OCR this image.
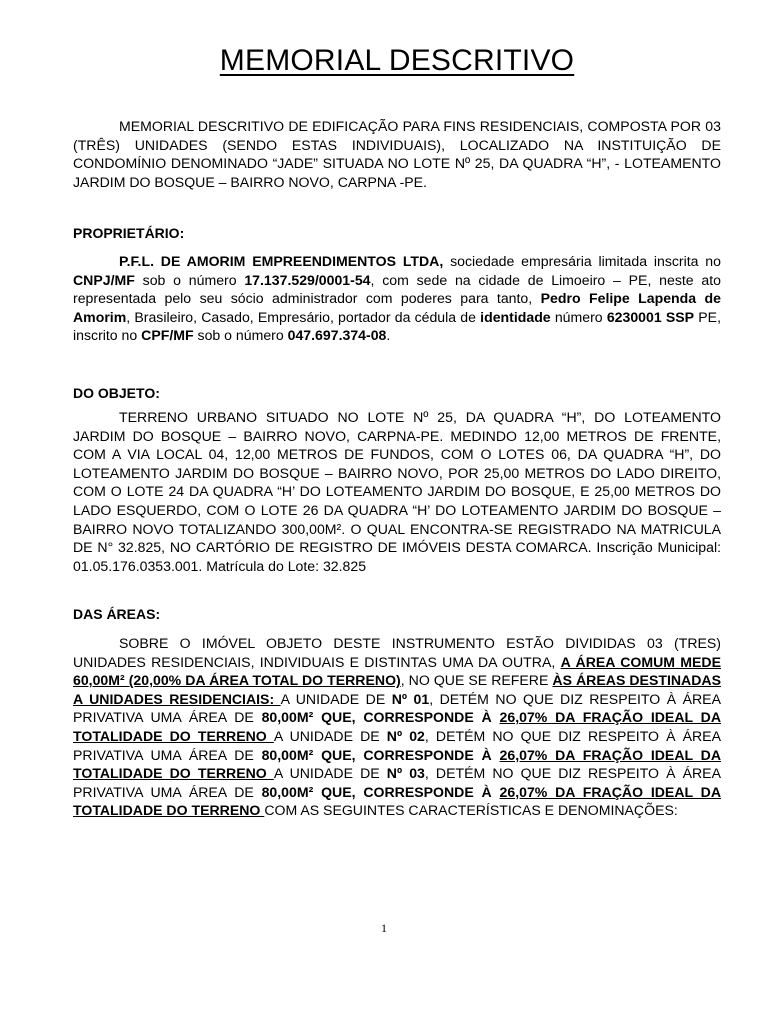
MEMORIAL DESCRITIVO
MEMORIAL DESCRITIVO DE EDIFICAÇÃO PARA FINS RESIDENCIAIS, COMPOSTA POR 03 (TRÊS) UNIDADES (SENDO ESTAS INDIVIDUAIS), LOCALIZADO NA INSTITUIÇÃO DE CONDOMÍNIO DENOMINADO “JADE” SITUADA NO LOTE Nº 25, DA QUADRA “H”, - LOTEAMENTO JARDIM DO BOSQUE – BAIRRO NOVO, CARPNA -PE.
PROPRIETÁRIO:
P.F.L. DE AMORIM EMPREENDIMENTOS LTDA, sociedade empresária limitada inscrita no CNPJ/MF sob o número 17.137.529/0001-54, com sede na cidade de Limoeiro – PE, neste ato representada pelo seu sócio administrador com poderes para tanto, Pedro Felipe Lapenda de Amorim, Brasileiro, Casado, Empresário, portador da cédula de identidade número 6230001 SSP PE, inscrito no CPF/MF sob o número 047.697.374-08.
DO OBJETO:
TERRENO URBANO SITUADO NO LOTE Nº 25, DA QUADRA “H”, DO LOTEAMENTO JARDIM DO BOSQUE – BAIRRO NOVO, CARPNA-PE. MEDINDO 12,00 METROS DE FRENTE, COM A VIA LOCAL 04, 12,00 METROS DE FUNDOS, COM O LOTES 06, DA QUADRA “H”, DO LOTEAMENTO JARDIM DO BOSQUE – BAIRRO NOVO, POR 25,00 METROS DO LADO DIREITO, COM O LOTE 24 DA QUADRA “H’ DO LOTEAMENTO JARDIM DO BOSQUE, E 25,00 METROS DO LADO ESQUERDO, COM O LOTE 26 DA QUADRA “H’ DO LOTEAMENTO JARDIM DO BOSQUE – BAIRRO NOVO TOTALIZANDO 300,00M². O QUAL ENCONTRA-SE REGISTRADO NA MATRICULA DE N° 32.825, NO CARTÓRIO DE REGISTRO DE IMÓVEIS DESTA COMARCA. Inscrição Municipal: 01.05.176.0353.001. Matrícula do Lote: 32.825
DAS ÁREAS:
SOBRE O IMÓVEL OBJETO DESTE INSTRUMENTO ESTÃO DIVIDIDAS 03 (TRES) UNIDADES RESIDENCIAIS, INDIVIDUAIS E DISTINTAS UMA DA OUTRA, A ÁREA COMUM MEDE 60,00M² (20,00% DA ÁREA TOTAL DO TERRENO), NO QUE SE REFERE ÀS ÁREAS DESTINADAS A UNIDADES RESIDENCIAIS: A UNIDADE DE Nº 01, DETÉM NO QUE DIZ RESPEITO À ÁREA PRIVATIVA UMA ÁREA DE 80,00M² QUE, CORRESPONDE À 26,07% DA FRAÇÃO IDEAL DA TOTALIDADE DO TERRENO A UNIDADE DE Nº 02, DETÉM NO QUE DIZ RESPEITO À ÁREA PRIVATIVA UMA ÁREA DE 80,00M² QUE, CORRESPONDE À 26,07% DA FRAÇÃO IDEAL DA TOTALIDADE DO TERRENO A UNIDADE DE Nº 03, DETÉM NO QUE DIZ RESPEITO À ÁREA PRIVATIVA UMA ÁREA DE 80,00M² QUE, CORRESPONDE À 26,07% DA FRAÇÃO IDEAL DA TOTALIDADE DO TERRENO COM AS SEGUINTES CARACTERÍSTICAS E DENOMINAÇÕES:
1
